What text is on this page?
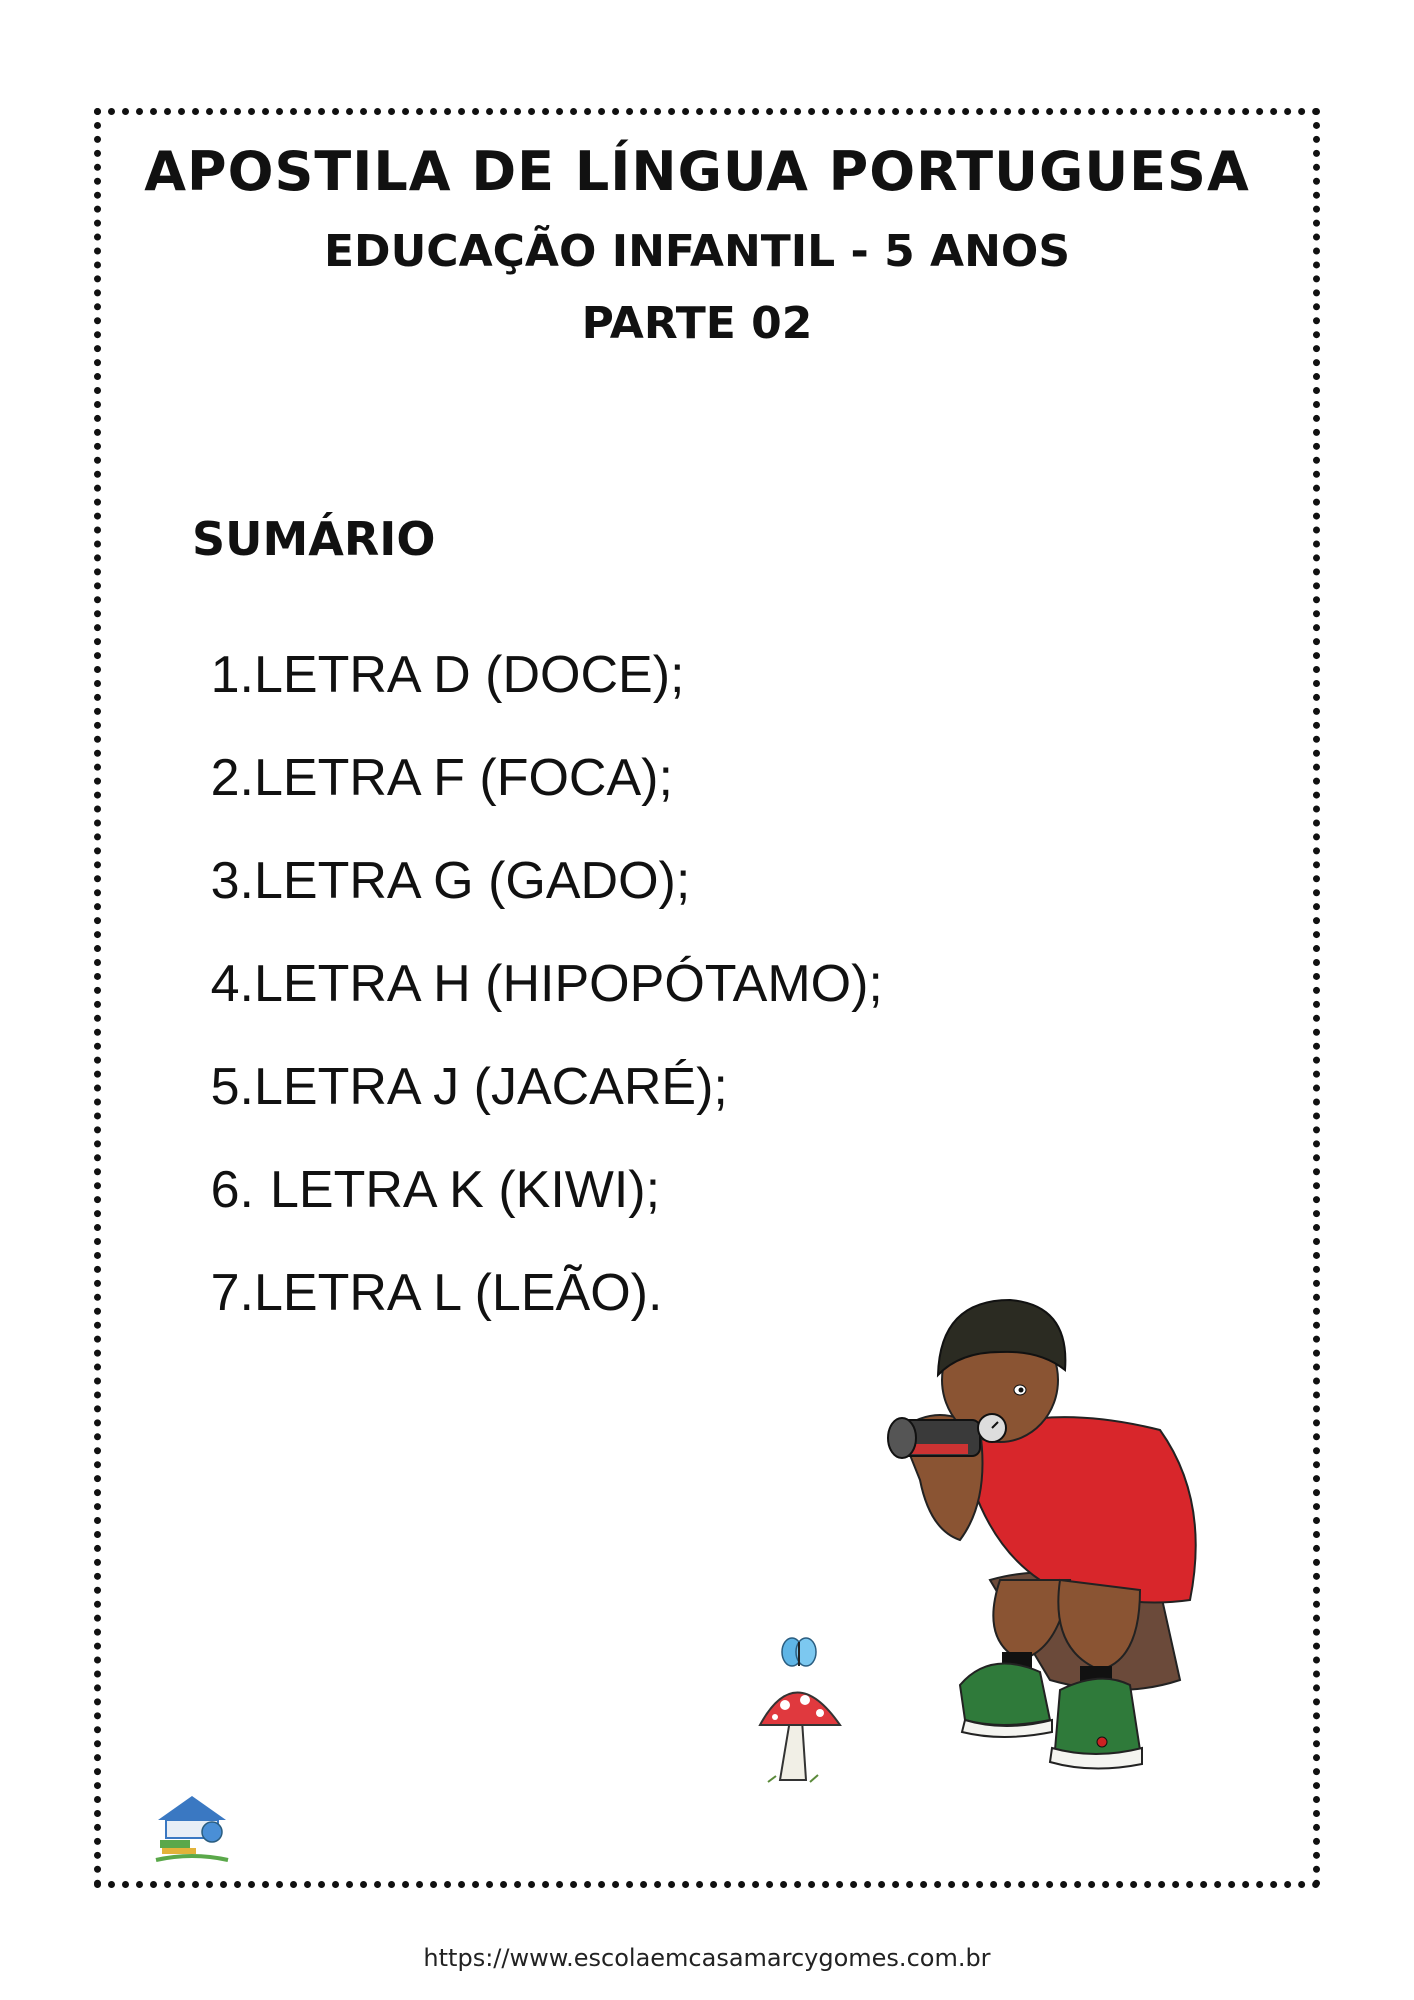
APOSTILA DE LÍNGUA PORTUGUESA
EDUCAÇÃO INFANTIL - 5 ANOS
PARTE 02
SUMÁRIO
1.LETRA D (DOCE);
2.LETRA F (FOCA);
3.LETRA G (GADO);
4.LETRA H (HIPOPÓTAMO);
5.LETRA J (JACARÉ);
6. LETRA K (KIWI);
7.LETRA L (LEÃO).
https://www.escolaemcasamarcygomes.com.br
